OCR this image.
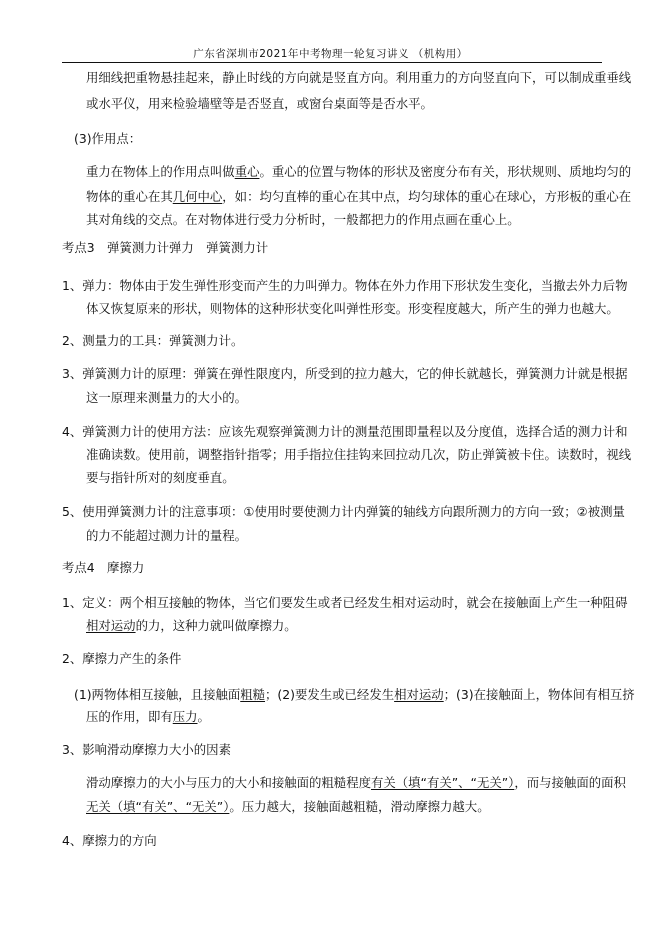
广东省深圳市2021年中考物理一轮复习讲义 （机构用）
用细线把重物悬挂起来，静止时线的方向就是竖直方向。利用重力的方向竖直向下，可以制成重垂线
或水平仪，用来检验墙壁等是否竖直，或窗台桌面等是否水平。
(3)作用点：
重力在物体上的作用点叫做重心。重心的位置与物体的形状及密度分布有关，形状规则、质地均匀的
物体的重心在其几何中心，如：均匀直棒的重心在其中点，均匀球体的重心在球心，方形板的重心在
其对角线的交点。在对物体进行受力分析时，一般都把力的作用点画在重心上。
考点3　弹簧测力计弹力　弹簧测力计
1、弹力：物体由于发生弹性形变而产生的力叫弹力。物体在外力作用下形状发生变化，当撤去外力后物
体又恢复原来的形状，则物体的这种形状变化叫弹性形变。形变程度越大，所产生的弹力也越大。
2、测量力的工具：弹簧测力计。
3、弹簧测力计的原理：弹簧在弹性限度内，所受到的拉力越大，它的伸长就越长，弹簧测力计就是根据
这一原理来测量力的大小的。
4、弹簧测力计的使用方法：应该先观察弹簧测力计的测量范围即量程以及分度值，选择合适的测力计和
准确读数。使用前，调整指针指零；用手指拉住挂钩来回拉动几次，防止弹簧被卡住。读数时，视线
要与指针所对的刻度垂直。
5、使用弹簧测力计的注意事项：①使用时要使测力计内弹簧的轴线方向跟所测力的方向一致；②被测量
的力不能超过测力计的量程。
考点4　摩擦力
1、定义：两个相互接触的物体，当它们要发生或者已经发生相对运动时，就会在接触面上产生一种阻碍
相对运动的力，这种力就叫做摩擦力。
2、摩擦力产生的条件
(1)两物体相互接触，且接触面粗糙；(2)要发生或已经发生相对运动；(3)在接触面上，物体间有相互挤
压的作用，即有压力。
3、影响滑动摩擦力大小的因素
滑动摩擦力的大小与压力的大小和接触面的粗糙程度有关（填“有关”、“无关”），而与接触面的面积
无关（填“有关”、“无关”）。压力越大，接触面越粗糙，滑动摩擦力越大。
4、摩擦力的方向
